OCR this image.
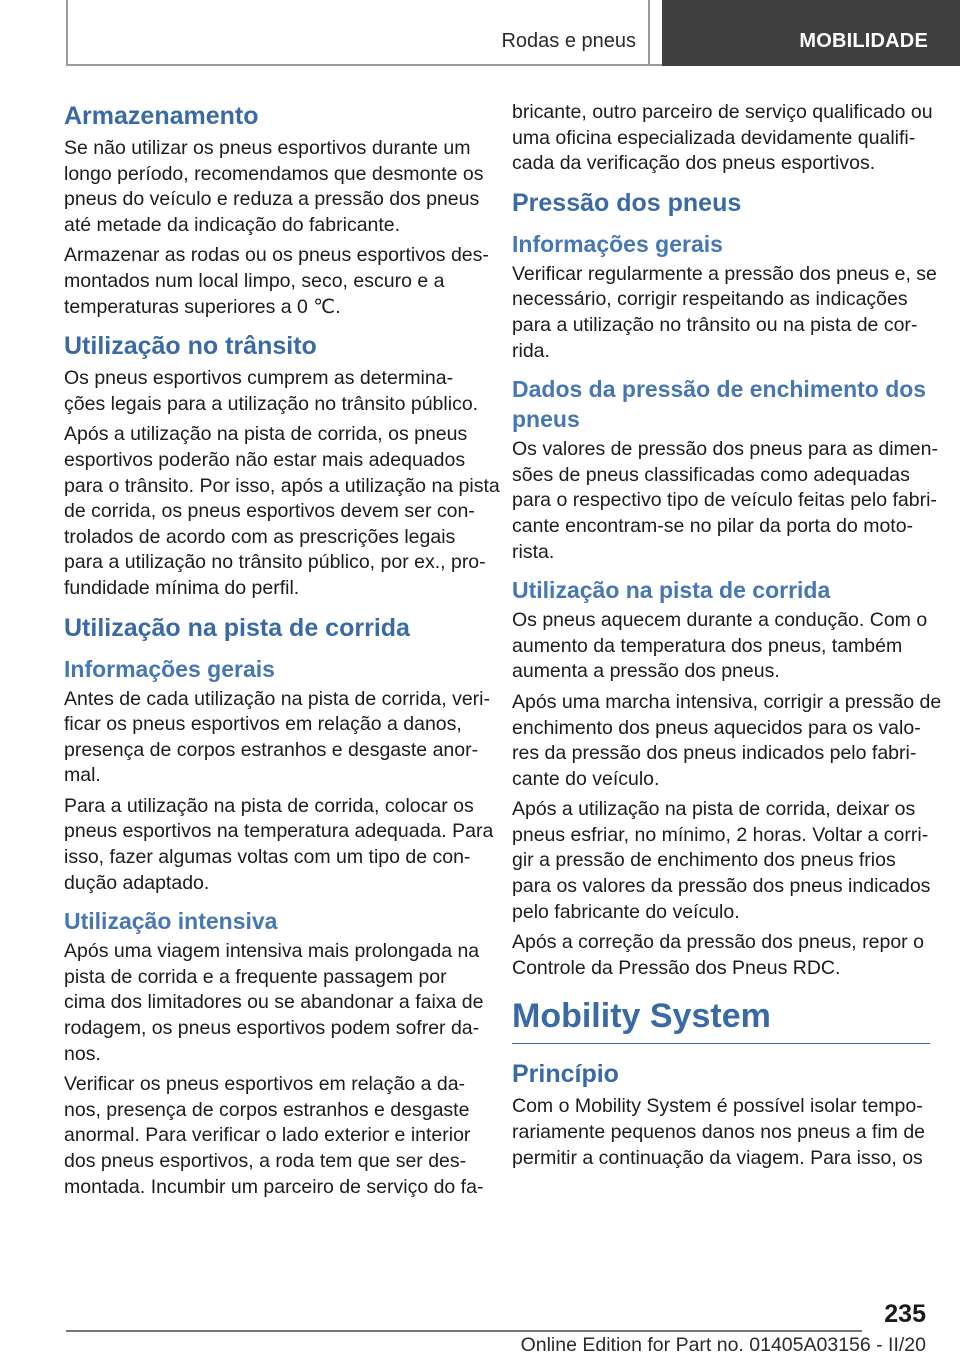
Rodas e pneus	MOBILIDADE
Armazenamento

Se não utilizar os pneus esportivos durante um
longo período, recomendamos que desmonte os
pneus do veículo e reduza a pressão dos pneus
até metade da indicação do fabricante.

Armazenar as rodas ou os pneus esportivos des‐
montados num local limpo, seco, escuro e a
temperaturas superiores a 0 ℃.

Utilização no trânsito

Os pneus esportivos cumprem as determina‐
ções legais para a utilização no trânsito público.

Após a utilização na pista de corrida, os pneus
esportivos poderão não estar mais adequados
para o trânsito. Por isso, após a utilização na pista
de corrida, os pneus esportivos devem ser con‐
trolados de acordo com as prescrições legais
para a utilização no trânsito público, por ex., pro‐
fundidade mínima do perfil.

Utilização na pista de corrida
Informações gerais

Antes de cada utilização na pista de corrida, veri‐
ficar os pneus esportivos em relação a danos,
presença de corpos estranhos e desgaste anor‐
mal.

Para a utilização na pista de corrida, colocar os
pneus esportivos na temperatura adequada. Para
isso, fazer algumas voltas com um tipo de con‐
dução adaptado.

Utilização intensiva

Após uma viagem intensiva mais prolongada na
pista de corrida e a frequente passagem por
cima dos limitadores ou se abandonar a faixa de
rodagem, os pneus esportivos podem sofrer da‐
nos.

Verificar os pneus esportivos em relação a da‐
nos, presença de corpos estranhos e desgaste
anormal. Para verificar o lado exterior e interior
dos pneus esportivos, a roda tem que ser des‐
montada. Incumbir um parceiro de serviço do fa‐

bricante, outro parceiro de serviço qualificado ou
uma oficina especializada devidamente qualifi‐
cada da verificação dos pneus esportivos.

Pressão dos pneus
Informações gerais

Verificar regularmente a pressão dos pneus e, se
necessário, corrigir respeitando as indicações
para a utilização no trânsito ou na pista de cor‐
rida.

Dados da pressão de enchimento dos pneus

Os valores de pressão dos pneus para as dimen‐
sões de pneus classificadas como adequadas
para o respectivo tipo de veículo feitas pelo fabri‐
cante encontram-se no pilar da porta do moto‐
rista.

Utilização na pista de corrida

Os pneus aquecem durante a condução. Com o
aumento da temperatura dos pneus, também
aumenta a pressão dos pneus.

Após uma marcha intensiva, corrigir a pressão de
enchimento dos pneus aquecidos para os valo‐
res da pressão dos pneus indicados pelo fabri‐
cante do veículo.

Após a utilização na pista de corrida, deixar os
pneus esfriar, no mínimo, 2 horas. Voltar a corri‐
gir a pressão de enchimento dos pneus frios
para os valores da pressão dos pneus indicados
pelo fabricante do veículo.

Após a correção da pressão dos pneus, repor o
Controle da Pressão dos Pneus RDC.

Mobility System
Princípio

Com o Mobility System é possível isolar tempo‐
rariamente pequenos danos nos pneus a fim de
permitir a continuação da viagem. Para isso, os

235
Online Edition for Part no. 01405A03156 - II/20
